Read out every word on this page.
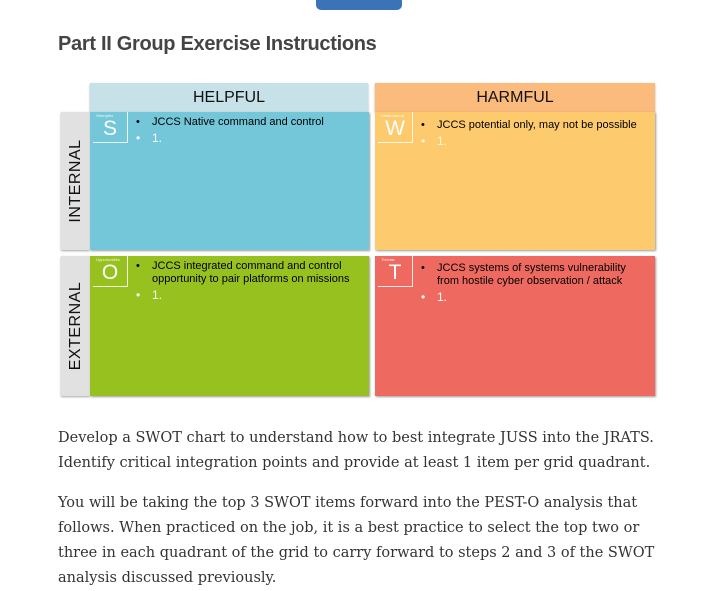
Part II Group Exercise Instructions
HELPFUL	HARMFUL
INTERNAL
EXTERNAL
Strengths
S	• JCCS Native command and control
• 1.
Weaknesses
W	• JCCS potential only, may not be possible
• 1.
Opportunities
O	• JCCS integrated command and control opportunity to pair platforms on missions
• 1.
Threats
T	• JCCS systems of systems vulnerability from hostile cyber observation / attack
• 1.

Develop a SWOT chart to understand how to best integrate JUSS into the JRATS. Identify critical integration points and provide at least 1 item per grid quadrant.

You will be taking the top 3 SWOT items forward into the PEST-O analysis that follows. When practiced on the job, it is a best practice to select the top two or three in each quadrant of the grid to carry forward to steps 2 and 3 of the SWOT analysis discussed previously.
